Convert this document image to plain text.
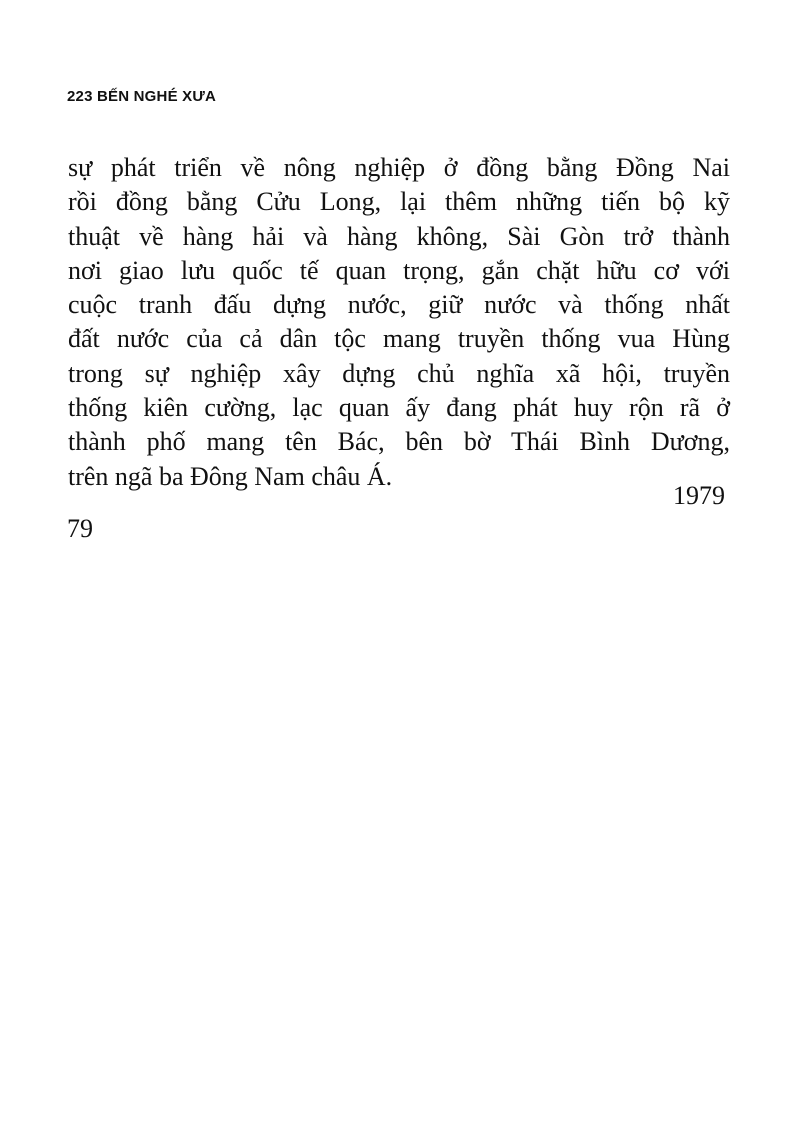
223 BẾN NGHÉ XƯA
sự phát triển về nông nghiệp ở đồng bằng Đồng Nai
rồi đồng bằng Cửu Long, lại thêm những tiến bộ kỹ
thuật về hàng hải và hàng không, Sài Gòn trở thành
nơi giao lưu quốc tế quan trọng, gắn chặt hữu cơ với
cuộc tranh đấu dựng nước, giữ nước và thống nhất
đất nước của cả dân tộc mang truyền thống vua Hùng
trong sự nghiệp xây dựng chủ nghĩa xã hội, truyền
thống kiên cường, lạc quan ấy đang phát huy rộn rã ở
thành phố mang tên Bác, bên bờ Thái Bình Dương,
trên ngã ba Đông Nam châu Á.
1979
79
